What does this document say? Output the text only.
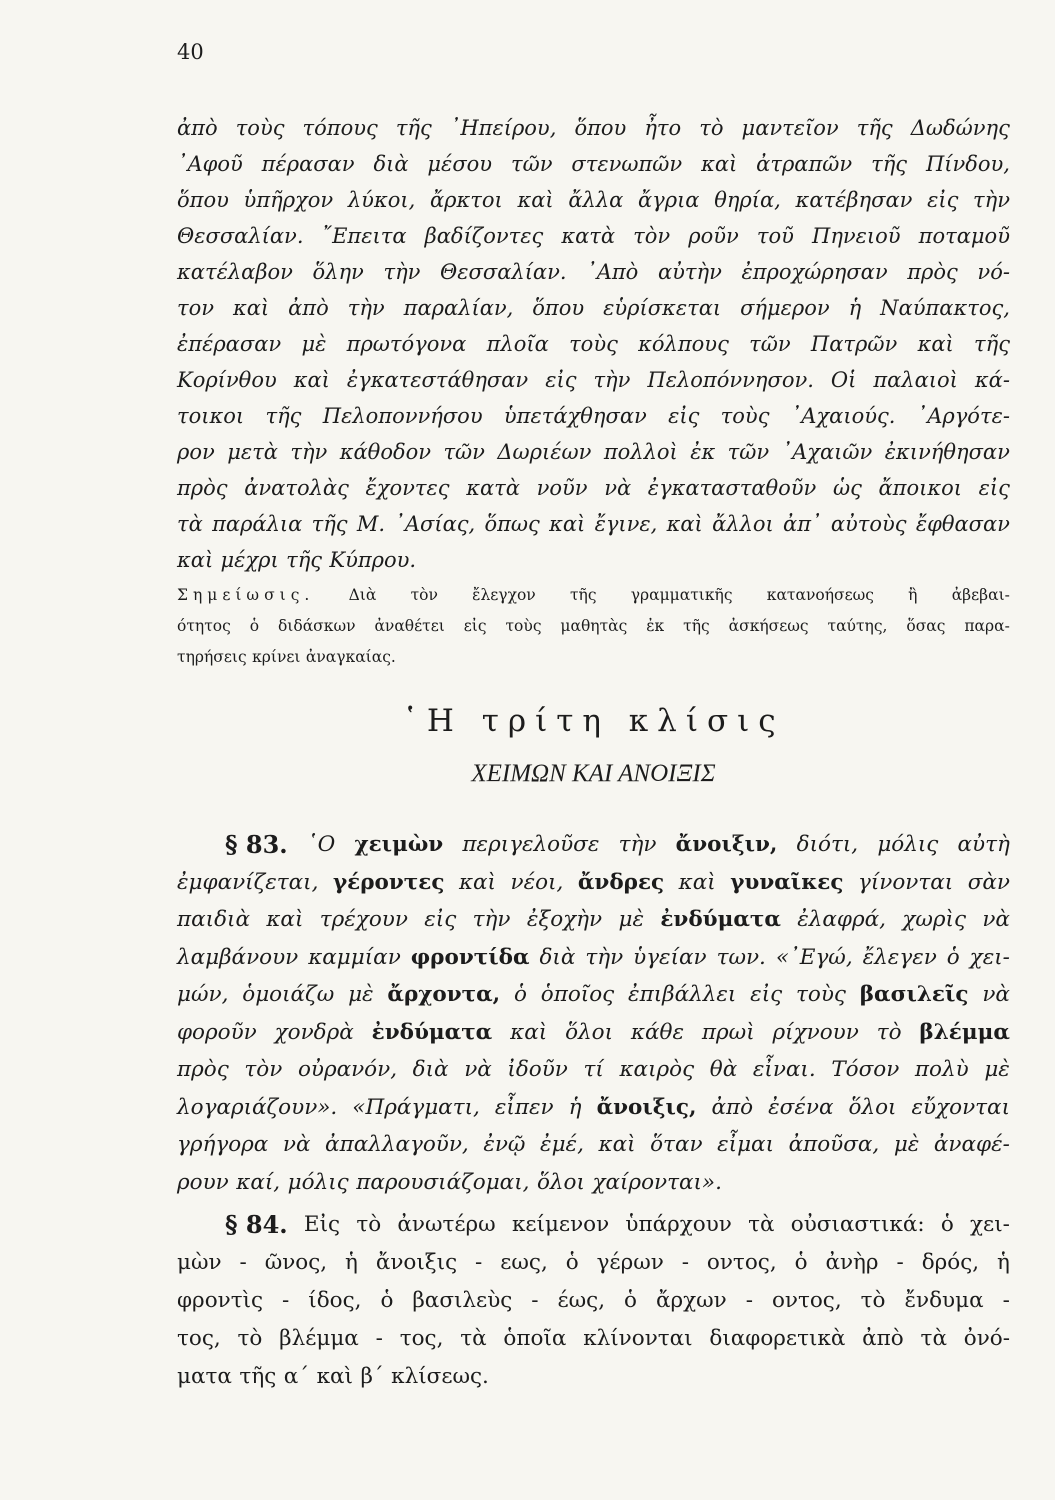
40
ἀπὸ τοὺς τόπους τῆς ᾿Ηπείρου, ὅπου ἦτο τὸ μαντεῖον τῆς Δωδώνης
᾿Αφοῦ πέρασαν διὰ μέσου τῶν στενωπῶν καὶ ἀτραπῶν τῆς Πίνδου,
ὅπου ὑπῆρχον λύκοι, ἄρκτοι καὶ ἄλλα ἄγρια θηρία, κατέβησαν εἰς τὴν
Θεσσαλίαν. ῎Επειτα βαδίζοντες κατὰ τὸν ροῦν τοῦ Πηνειοῦ ποταμοῦ
κατέλαβον ὅλην τὴν Θεσσαλίαν. ᾿Απὸ αὐτὴν ἐπροχώρησαν πρὸς νό-
τον καὶ ἀπὸ τὴν παραλίαν, ὅπου εὑρίσκεται σήμερον ἡ Ναύπακτος,
ἐπέρασαν μὲ πρωτόγονα πλοῖα τοὺς κόλπους τῶν Πατρῶν καὶ τῆς
Κορίνθου καὶ ἐγκατεστάθησαν εἰς τὴν Πελοπόννησον. Οἱ παλαιοὶ κά-
τοικοι τῆς Πελοποννήσου ὑπετάχθησαν εἰς τοὺς ᾿Αχαιούς. ᾿Αργότε-
ρον μετὰ τὴν κάθοδον τῶν Δωριέων πολλοὶ ἐκ τῶν ᾿Αχαιῶν ἐκινήθησαν
πρὸς ἀνατολὰς ἔχοντες κατὰ νοῦν νὰ ἐγκατασταθοῦν ὡς ἄποικοι εἰς
τὰ παράλια τῆς Μ. ᾿Ασίας, ὅπως καὶ ἔγινε, καὶ ἄλλοι ἀπ᾿ αὐτοὺς ἔφθασαν
καὶ μέχρι τῆς Κύπρου.
Σημείωσις. Διὰ τὸν ἔλεγχον τῆς γραμματικῆς κατανοήσεως ἢ ἀβεβαι-
ότητος ὁ διδάσκων ἀναθέτει εἰς τοὺς μαθητὰς ἐκ τῆς ἀσκήσεως ταύτης, ὅσας παρα-
τηρήσεις κρίνει ἀναγκαίας.
῾Η τρίτη κλίσις
ΧΕΙΜΩΝ ΚΑΙ ΑΝΟΙΞΙΣ
§ 83. ῾Ο χειμὼν περιγελοῦσε τὴν ἄνοιξιν, διότι, μόλις αὐτὴ
ἐμφανίζεται, γέροντες καὶ νέοι, ἄνδρες καὶ γυναῖκες γίνονται σὰν
παιδιὰ καὶ τρέχουν εἰς τὴν ἐξοχὴν μὲ ἐνδύματα ἐλαφρά, χωρὶς νὰ
λαμβάνουν καμμίαν φροντίδα διὰ τὴν ὑγείαν των. «᾿Εγώ, ἔλεγεν ὁ χει-
μών, ὁμοιάζω μὲ ἄρχοντα, ὁ ὁποῖος ἐπιβάλλει εἰς τοὺς βασιλεῖς νὰ
φοροῦν χονδρὰ ἐνδύματα καὶ ὅλοι κάθε πρωὶ ρίχνουν τὸ βλέμμα
πρὸς τὸν οὐρανόν, διὰ νὰ ἰδοῦν τί καιρὸς θὰ εἶναι. Τόσον πολὺ μὲ
λογαριάζουν». «Πράγματι, εἶπεν ἡ ἄνοιξις, ἀπὸ ἐσένα ὅλοι εὔχονται
γρήγορα νὰ ἀπαλλαγοῦν, ἐνῷ ἐμέ, καὶ ὅταν εἶμαι ἀποῦσα, μὲ ἀναφέ-
ρουν καί, μόλις παρουσιάζομαι, ὅλοι χαίρονται».
§ 84. Εἰς τὸ ἀνωτέρω κείμενον ὑπάρχουν τὰ οὐσιαστικά: ὁ χει-
μὼν - ῶνος, ἡ ἄνοιξις - εως, ὁ γέρων - οντος, ὁ ἀνὴρ - δρός, ἡ
φροντὶς - ίδος, ὁ βασιλεὺς - έως, ὁ ἄρχων - οντος, τὸ ἔνδυμα -
τος, τὸ βλέμμα - τος, τὰ ὁποῖα κλίνονται διαφορετικὰ ἀπὸ τὰ ὀνό-
ματα τῆς α΄ καὶ β΄ κλίσεως.
